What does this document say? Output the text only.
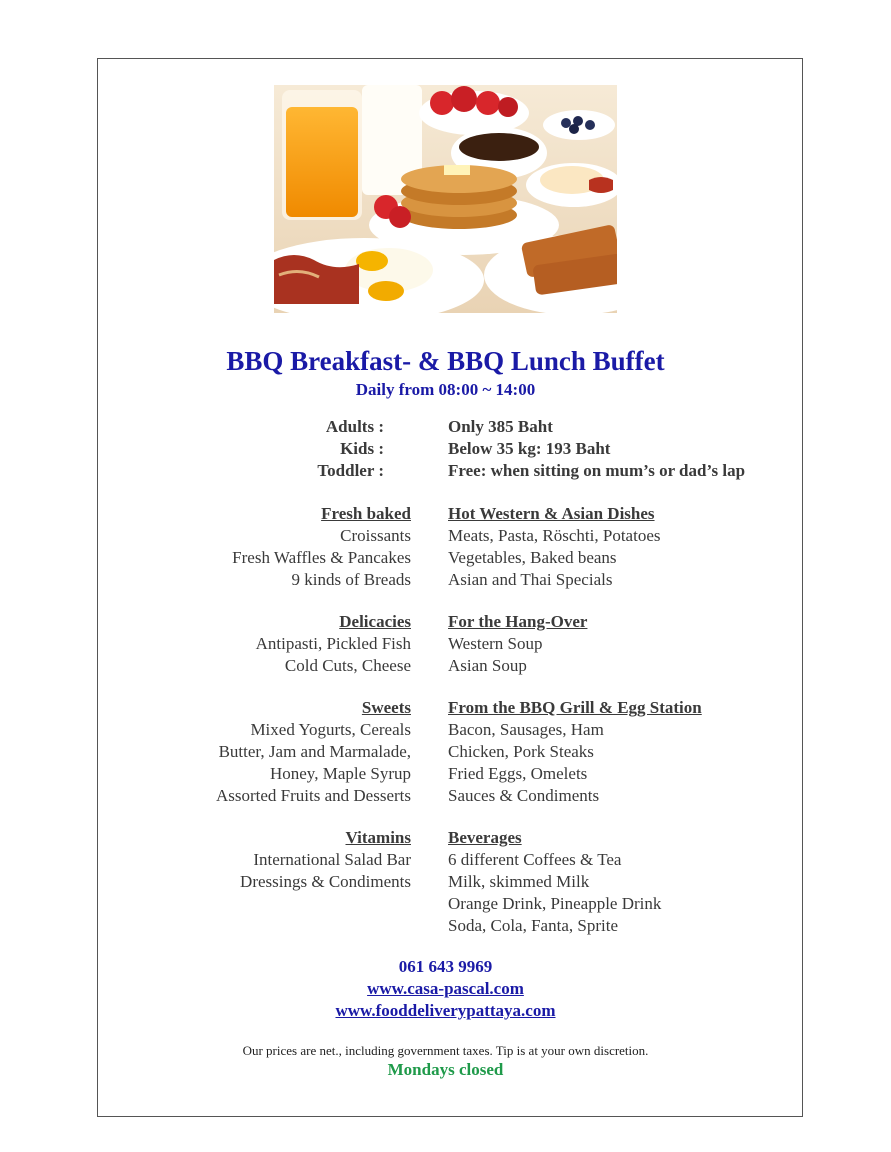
BBQ Breakfast- & BBQ Lunch Buffet
Daily from 08:00 ~ 14:00
Adults :	Only 385 Baht
Kids :	Below 35 kg: 193 Baht
Toddler :	Free: when sitting on mum’s or dad’s lap
Fresh baked
Croissants
Fresh Waffles & Pancakes
9 kinds of Breads
Hot Western & Asian Dishes
Meats, Pasta, Röschti, Potatoes
Vegetables, Baked beans
Asian and Thai Specials
Delicacies
Antipasti, Pickled Fish
Cold Cuts, Cheese
For the Hang-Over
Western Soup
Asian Soup
Sweets
Mixed Yogurts, Cereals
Butter, Jam and Marmalade,
Honey, Maple Syrup
Assorted Fruits and Desserts
From the BBQ Grill & Egg Station
Bacon, Sausages, Ham
Chicken, Pork Steaks
Fried Eggs, Omelets
Sauces & Condiments
Vitamins
International Salad Bar
Dressings & Condiments
Beverages
6 different Coffees & Tea
Milk, skimmed Milk
Orange Drink, Pineapple Drink
Soda, Cola, Fanta, Sprite
061 643 9969
www.casa-pascal.com
www.fooddeliverypattaya.com
Our prices are net., including government taxes. Tip is at your own discretion.
Mondays closed
